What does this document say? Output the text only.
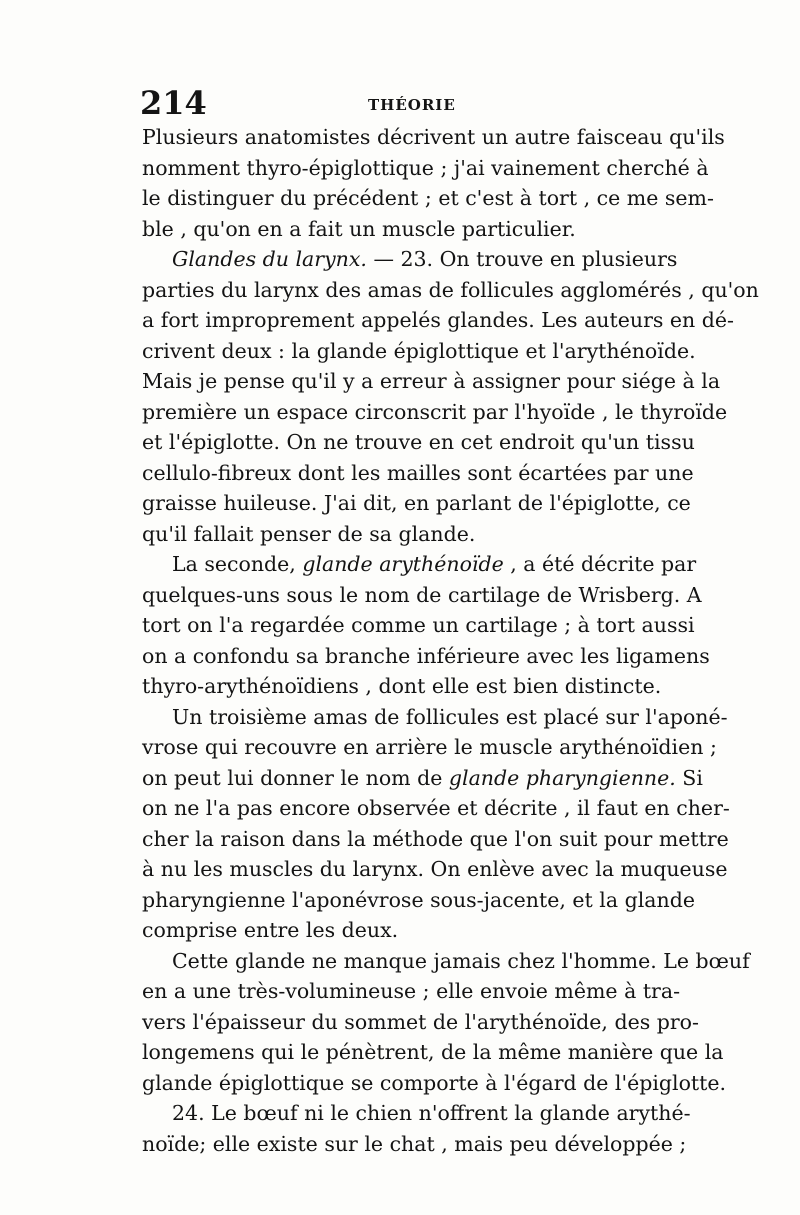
214	THÉORIE
Plusieurs anatomistes décrivent un autre faisceau qu'ils
nomment thyro-épiglottique ; j'ai vainement cherché à
le distinguer du précédent ; et c'est à tort , ce me sem-
ble , qu'on en a fait un muscle particulier.
Glandes du larynx. — 23. On trouve en plusieurs
parties du larynx des amas de follicules agglomérés , qu'on
a fort improprement appelés glandes. Les auteurs en dé-
crivent deux : la glande épiglottique et l'arythénoïde.
Mais je pense qu'il y a erreur à assigner pour siége à la
première un espace circonscrit par l'hyoïde , le thyroïde
et l'épiglotte. On ne trouve en cet endroit qu'un tissu
cellulo-fibreux dont les mailles sont écartées par une
graisse huileuse. J'ai dit, en parlant de l'épiglotte, ce
qu'il fallait penser de sa glande.
La seconde, glande arythénoïde , a été décrite par
quelques-uns sous le nom de cartilage de Wrisberg. A
tort on l'a regardée comme un cartilage ; à tort aussi
on a confondu sa branche inférieure avec les ligamens
thyro-arythénoïdiens , dont elle est bien distincte.
Un troisième amas de follicules est placé sur l'aponé-
vrose qui recouvre en arrière le muscle arythénoïdien ;
on peut lui donner le nom de glande pharyngienne. Si
on ne l'a pas encore observée et décrite , il faut en cher-
cher la raison dans la méthode que l'on suit pour mettre
à nu les muscles du larynx. On enlève avec la muqueuse
pharyngienne l'aponévrose sous-jacente, et la glande
comprise entre les deux.
Cette glande ne manque jamais chez l'homme. Le bœuf
en a une très-volumineuse ; elle envoie même à tra-
vers l'épaisseur du sommet de l'arythénoïde, des pro-
longemens qui le pénètrent, de la même manière que la
glande épiglottique se comporte à l'égard de l'épiglotte.
24. Le bœuf ni le chien n'offrent la glande arythé-
noïde; elle existe sur le chat , mais peu développée ;
